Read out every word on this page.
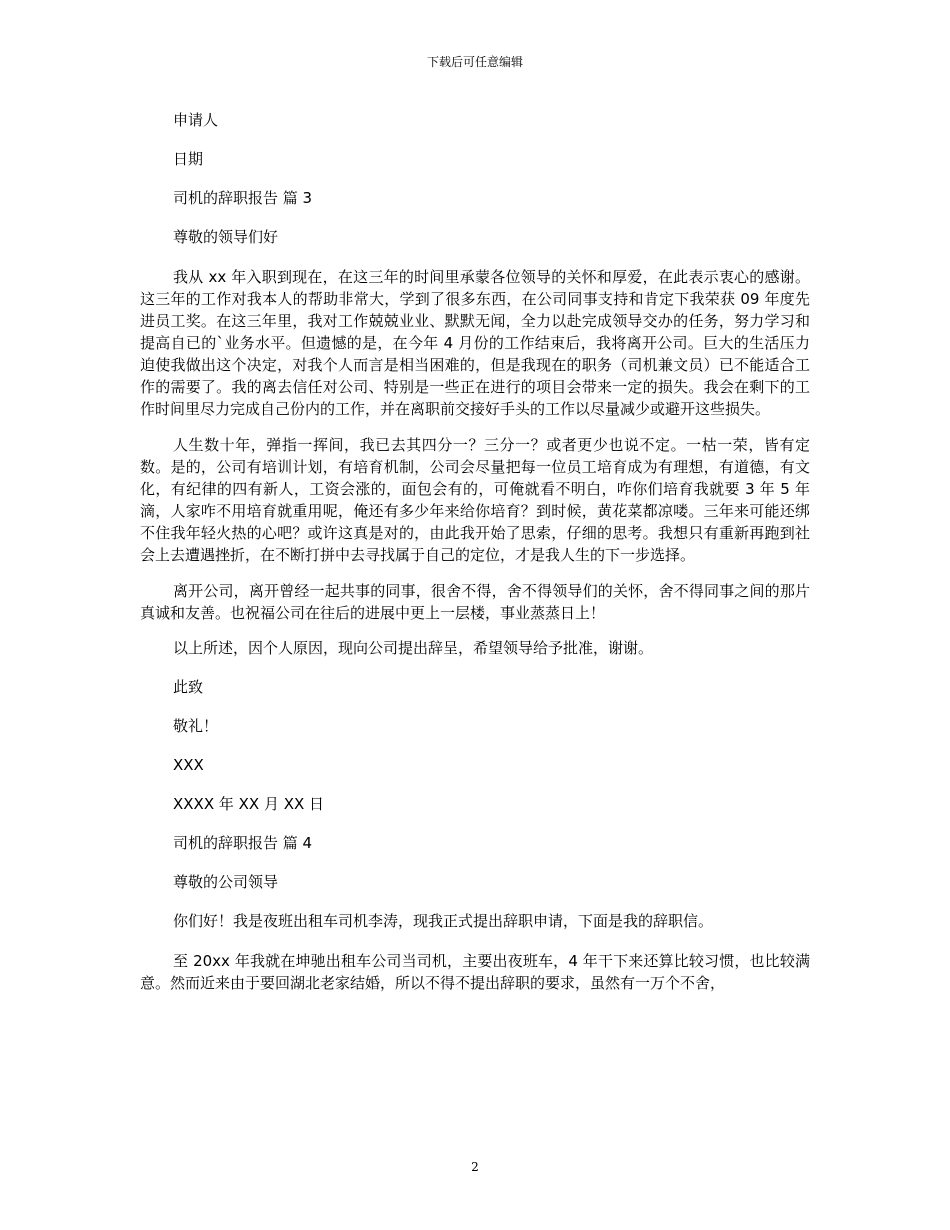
下载后可任意编辑

申请人

日期

司机的辞职报告 篇 3

尊敬的领导们好

我从 xx 年入职到现在，在这三年的时间里承蒙各位领导的关怀和厚爱，在此表示衷心的感谢。这三年的工作对我本人的帮助非常大，学到了很多东西，在公司同事支持和肯定下我荣获 09 年度先进员工奖。在这三年里，我对工作兢兢业业、默默无闻，全力以赴完成领导交办的任务，努力学习和提高自已的`业务水平。但遗憾的是，在今年 4 月份的工作结束后，我将离开公司。巨大的生活压力迫使我做出这个决定，对我个人而言是相当困难的，但是我现在的职务（司机兼文员）已不能适合工作的需要了。我的离去信任对公司、特别是一些正在进行的项目会带来一定的损失。我会在剩下的工作时间里尽力完成自己份内的工作，并在离职前交接好手头的工作以尽量减少或避开这些损失。

人生数十年，弹指一挥间，我已去其四分一？三分一？或者更少也说不定。一枯一荣，皆有定数。是的，公司有培训计划，有培育机制，公司会尽量把每一位员工培育成为有理想，有道德，有文化，有纪律的四有新人，工资会涨的，面包会有的，可俺就看不明白，咋你们培育我就要 3 年 5 年滴，人家咋不用培育就重用呢，俺还有多少年来给你培育？到时候，黄花菜都凉喽。三年来可能还绑不住我年轻火热的心吧？或许这真是对的，由此我开始了思索，仔细的思考。我想只有重新再跑到社会上去遭遇挫折，在不断打拼中去寻找属于自己的定位，才是我人生的下一步选择。

离开公司，离开曾经一起共事的同事，很舍不得，舍不得领导们的关怀，舍不得同事之间的那片真诚和友善。也祝福公司在往后的进展中更上一层楼，事业蒸蒸日上！

以上所述，因个人原因，现向公司提出辞呈，希望领导给予批准，谢谢。

此致

敬礼！

XXX

XXXX 年 XX 月 XX 日

司机的辞职报告 篇 4

尊敬的公司领导

你们好！我是夜班出租车司机李涛，现我正式提出辞职申请，下面是我的辞职信。

至 20xx 年我就在坤驰出租车公司当司机，主要出夜班车，4 年干下来还算比较习惯，也比较满意。然而近来由于要回湖北老家结婚，所以不得不提出辞职的要求，虽然有一万个不舍，

2
